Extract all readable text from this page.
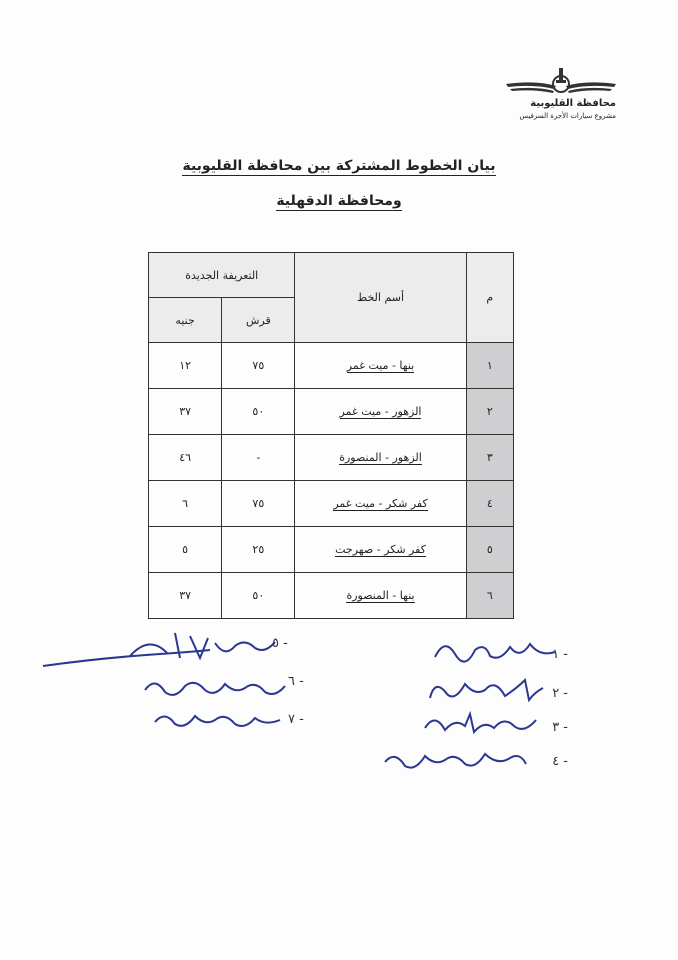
محافظة القليوبية
مشروع سيارات الأجرة السرفيس
بيان الخطوط المشتركة بين محافظة القليوبية
ومحافظة الدقهلية
التعريفة الجديدة		أسم الخط	م
جنيه	قرش		
١٢	٧٥	بنها - ميت غمر	١
٣٧	٥٠	الزهور - ميت غمر	٢
٤٦	-	الزهور - المنصورة	٣
٦	٧٥	كفر شكر - ميت غمر	٤
٥	٢٥	كفر شكر - صهرجت	٥
٣٧	٥٠	بنها - المنصورة	٦
١ -
٢ -
٣ -
٤ -
٥ -
٦ -
٧ -
